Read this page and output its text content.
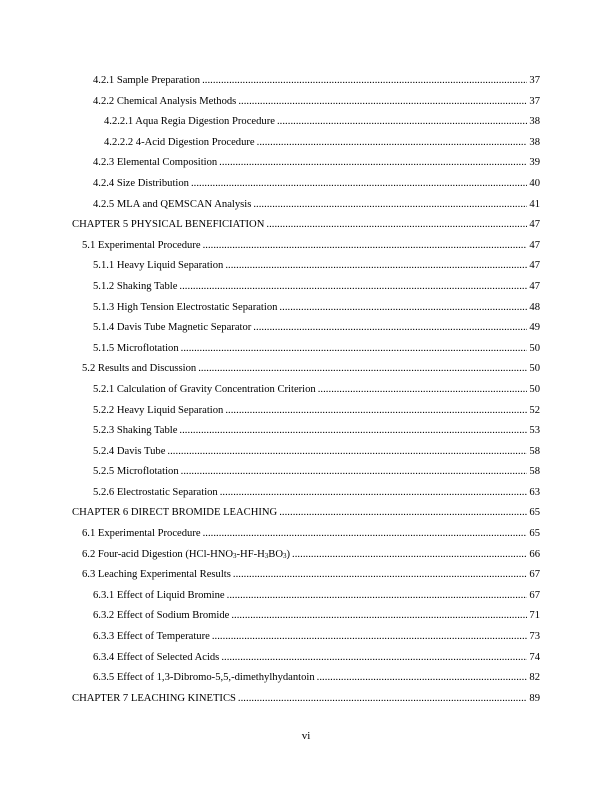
4.2.1 Sample Preparation . . .	37
4.2.2 Chemical Analysis Methods . . .	37
4.2.2.1 Aqua Regia Digestion Procedure . . .	38
4.2.2.2 4-Acid Digestion Procedure . . .	38
4.2.3 Elemental Composition . . .	39
4.2.4 Size Distribution . . .	40
4.2.5 MLA and QEMSCAN Analysis . . .	41
CHAPTER 5 PHYSICAL BENEFICIATION . . .	47
5.1 Experimental Procedure . . .	47
5.1.1 Heavy Liquid Separation . . .	47
5.1.2 Shaking Table . . .	47
5.1.3 High Tension Electrostatic Separation . . .	48
5.1.4 Davis Tube Magnetic Separator . . .	49
5.1.5 Microflotation . . .	50
5.2 Results and Discussion . . .	50
5.2.1 Calculation of Gravity Concentration Criterion . . .	50
5.2.2 Heavy Liquid Separation . . .	52
5.2.3 Shaking Table . . .	53
5.2.4 Davis Tube . . .	58
5.2.5 Microflotation . . .	58
5.2.6 Electrostatic Separation . . .	63
CHAPTER 6 DIRECT BROMIDE LEACHING . . .	65
6.1 Experimental Procedure . . .	65
6.2 Four-acid Digestion $(HCl-HNO_3-HF-H_3BO_3)$ . . .	66
6.3 Leaching Experimental Results . . .	67
6.3.1 Effect of Liquid Bromine . . .	67
6.3.2 Effect of Sodium Bromide . . .	71
6.3.3 Effect of Temperature . . .	73
6.3.4 Effect of Selected Acids . . .	74
6.3.5 Effect of 1,3-Dibromo-5,5,-dimethylhydantoin . . .	82
CHAPTER 7 LEACHING KINETICS . . .	89
vi
